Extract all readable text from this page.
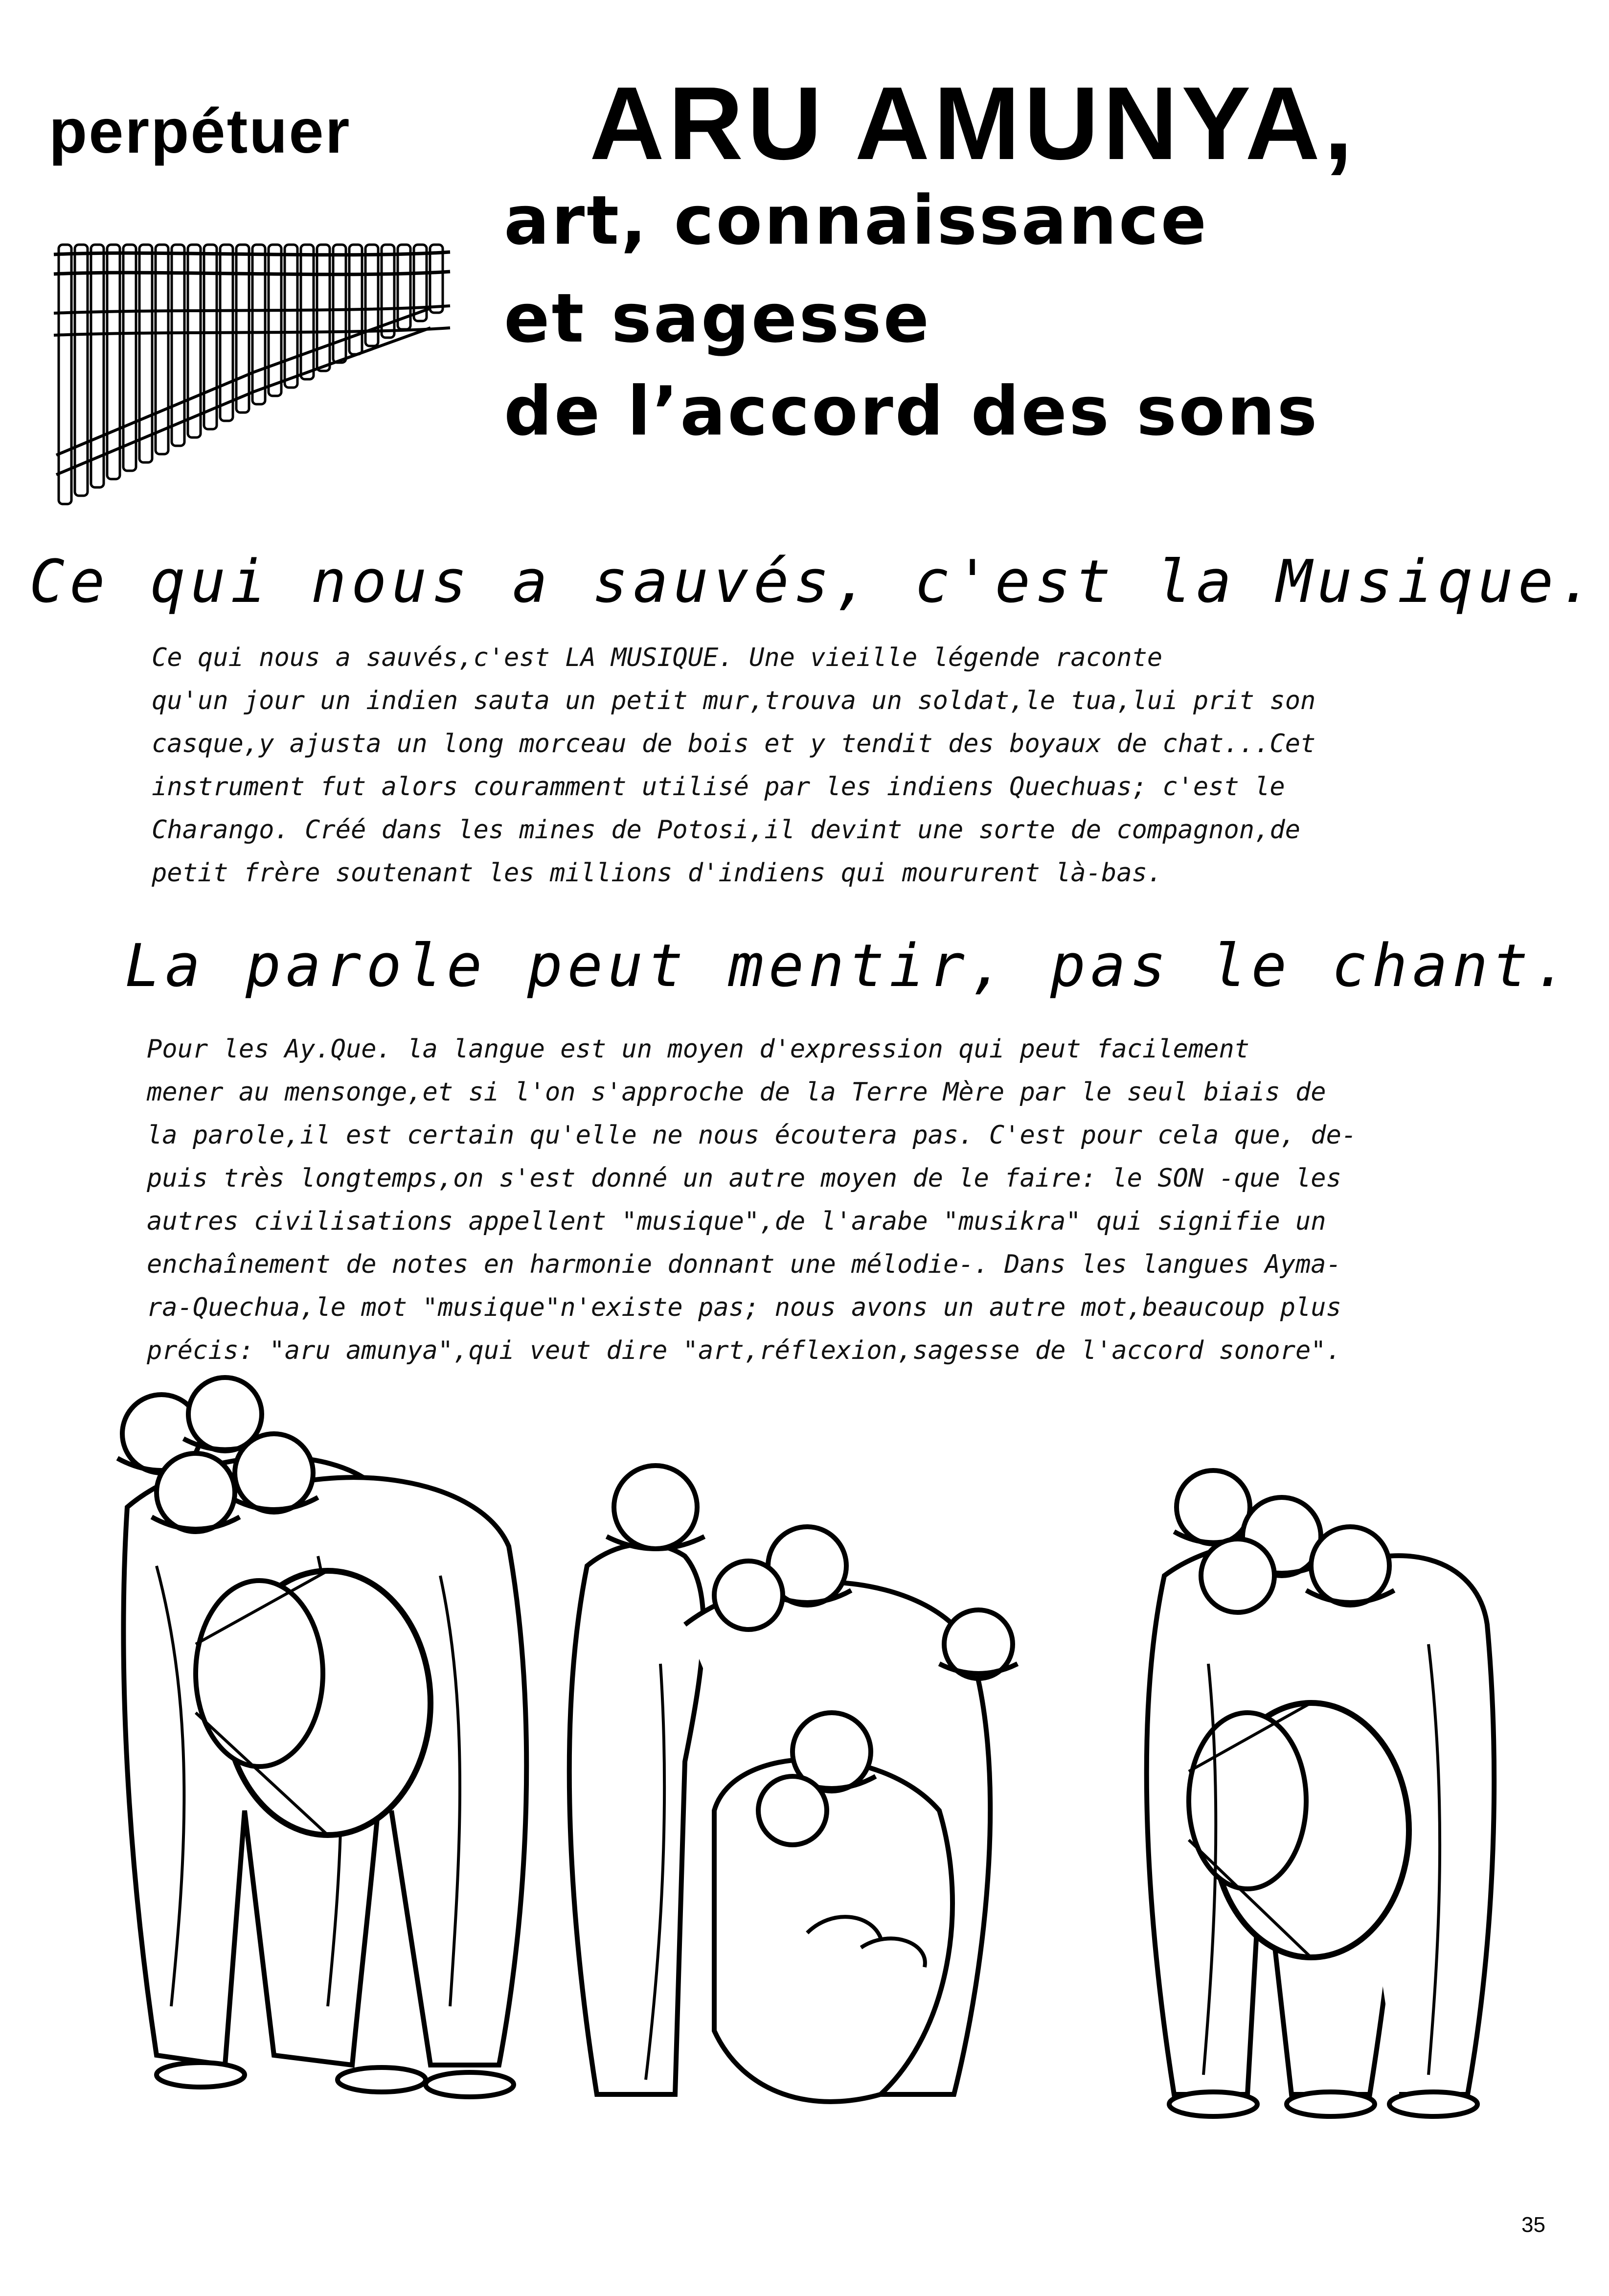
perpétuer ARU AMUNYA,
art, connaissance
et sagesse
de l’accord des sons
Ce qui nous a sauvés, c'est la Musique.

Ce qui nous a sauvés,c'est LA MUSIQUE. Une vieille légende raconte

qu'un jour un indien sauta un petit mur,trouva un soldat,le tua,lui prit son

casque,y ajusta un long morceau de bois et y tendit des boyaux de chat...Cet

instrument fut alors couramment utilisé par les indiens Quechuas; c'est le

Charango. Créé dans les mines de Potosi,il devint une sorte de compagnon,de

petit frère soutenant les millions d'indiens qui moururent là-bas.

La parole peut mentir, pas le chant.

Pour les Ay.Que. la langue est un moyen d'expression qui peut facilement

mener au mensonge,et si l'on s'approche de la Terre Mère par le seul biais de

la parole,il est certain qu'elle ne nous écoutera pas. C'est pour cela que, de-

puis très longtemps,on s'est donné un autre moyen de le faire: le SON -que les

autres civilisations appellent "musique",de l'arabe "musikra" qui signifie un

enchaînement de notes en harmonie donnant une mélodie-. Dans les langues Ayma-

ra-Quechua,le mot "musique"n'existe pas; nous avons un autre mot,beaucoup plus

précis: "aru amunya",qui veut dire "art,réflexion,sagesse de l'accord sonore".

35
